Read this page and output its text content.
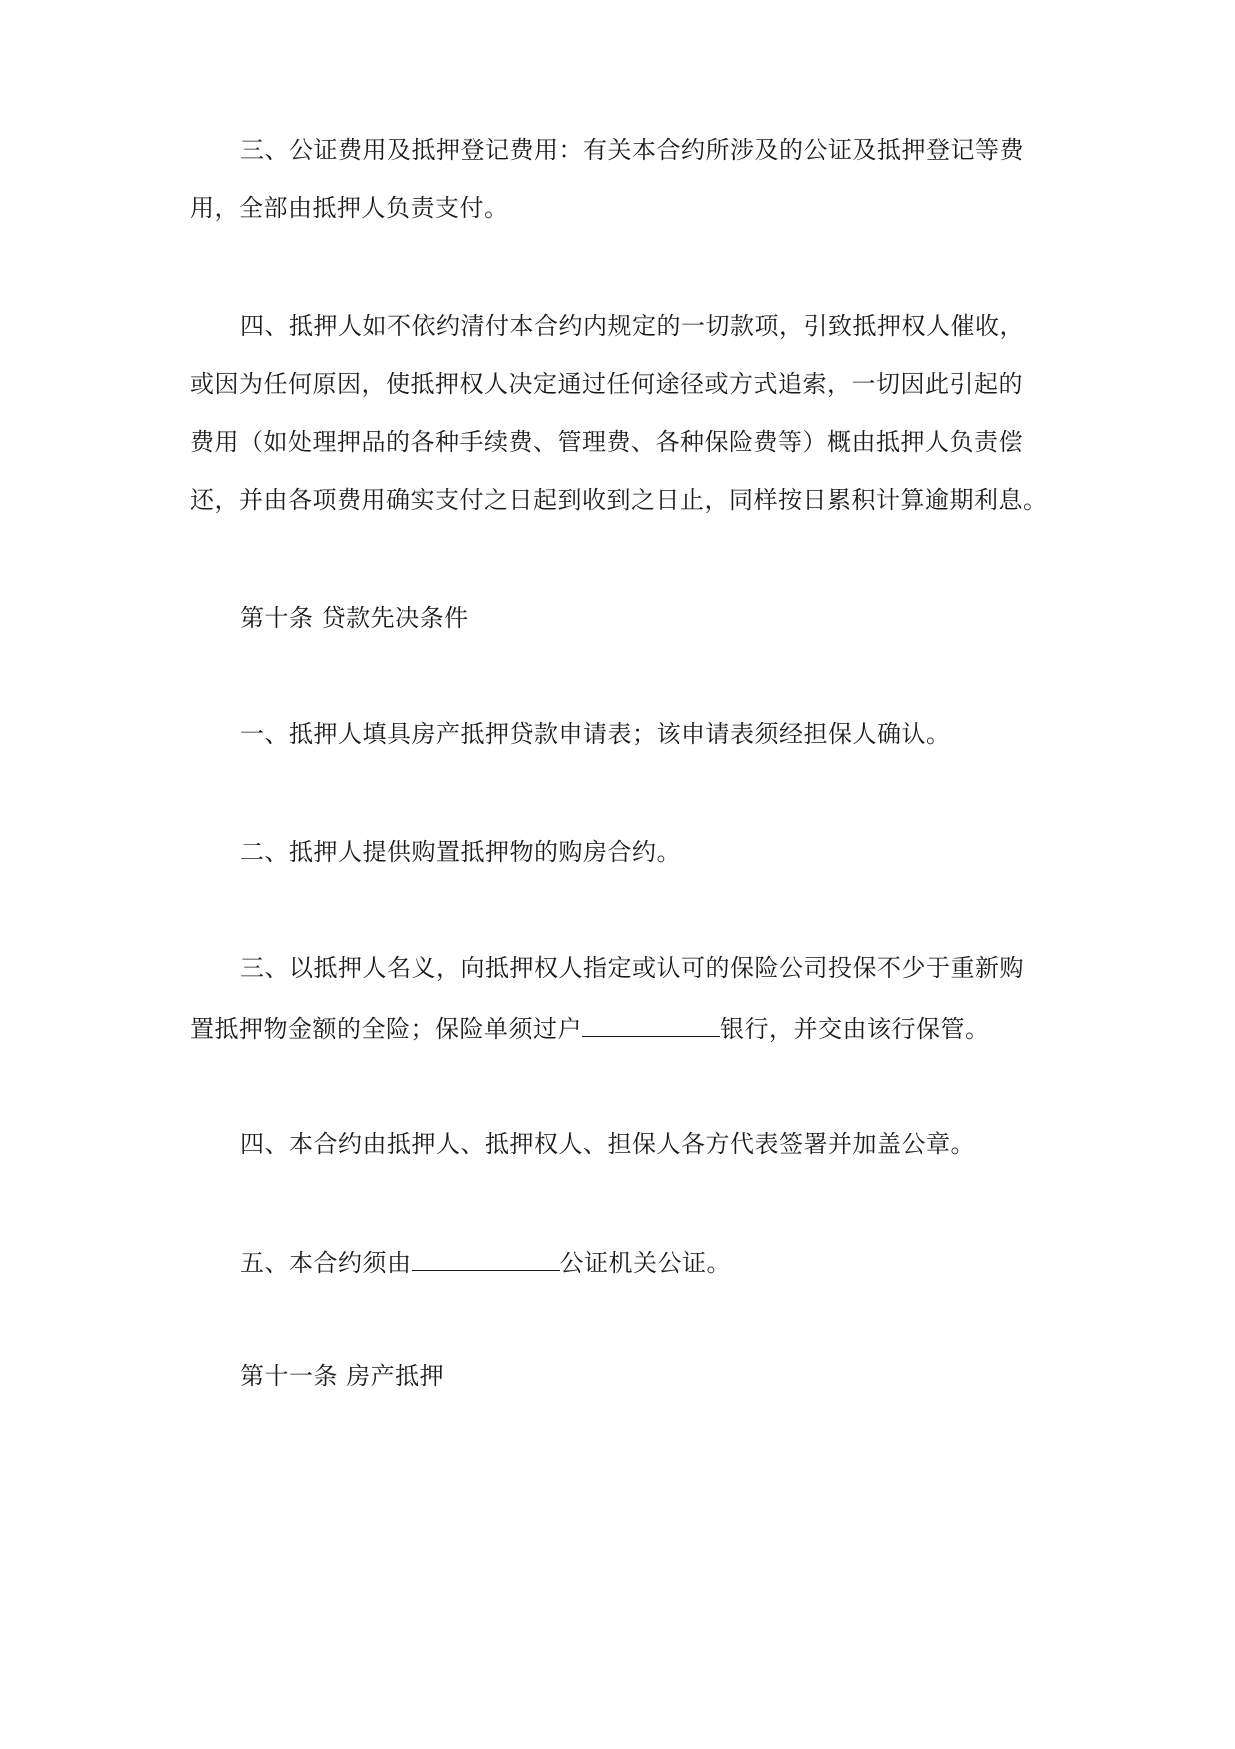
三、公证费用及抵押登记费用：有关本合约所涉及的公证及抵押登记等费
用，全部由抵押人负责支付。
四、抵押人如不依约清付本合约内规定的一切款项，引致抵押权人催收，
或因为任何原因，使抵押权人决定通过任何途径或方式追索，一切因此引起的
费用（如处理押品的各种手续费、管理费、各种保险费等）概由抵押人负责偿
还，并由各项费用确实支付之日起到收到之日止，同样按日累积计算逾期利息。
第十条 贷款先决条件
一、抵押人填具房产抵押贷款申请表；该申请表须经担保人确认。
二、抵押人提供购置抵押物的购房合约。
三、以抵押人名义，向抵押权人指定或认可的保险公司投保不少于重新购
置抵押物金额的全险；保险单须过户	银行，并交由该行保管。
四、本合约由抵押人、抵押权人、担保人各方代表签署并加盖公章。
五、本合约须由	公证机关公证。
第十一条 房产抵押
